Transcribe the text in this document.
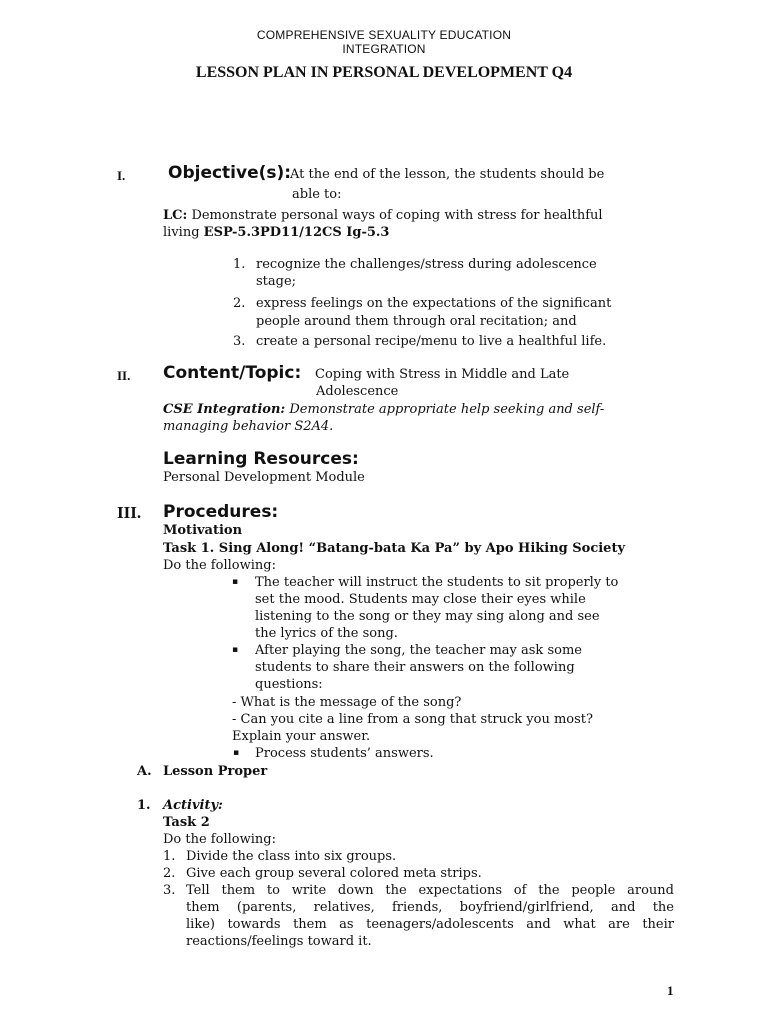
COMPREHENSIVE SEXUALITY EDUCATION
INTEGRATION
LESSON PLAN IN PERSONAL DEVELOPMENT Q4
I.	Objective(s):
At the end of the lesson, the students should be
able to:
LC: Demonstrate personal ways of coping with stress for healthful
living ESP-5.3PD11/12CS Ig-5.3
1. recognize the challenges/stress during adolescence
stage;
2. express feelings on the expectations of the significant
people around them through oral recitation; and
3. create a personal recipe/menu to live a healthful life.
II. Content/Topic: Coping with Stress in Middle and Late
Adolescence
CSE Integration: Demonstrate appropriate help seeking and self-
managing behavior S2A4.
Learning Resources:
Personal Development Module
III. Procedures:
Motivation
Task 1. Sing Along! “Batang-bata Ka Pa” by Apo Hiking Society
Do the following:
▪ The teacher will instruct the students to sit properly to
set the mood. Students may close their eyes while
listening to the song or they may sing along and see
the lyrics of the song.
▪ After playing the song, the teacher may ask some
students to share their answers on the following
questions:
- What is the message of the song?
- Can you cite a line from a song that struck you most?
Explain your answer.
▪ Process students’ answers.
A. Lesson Proper
1. Activity:
Task 2
Do the following:
1. Divide the class into six groups.
2. Give each group several colored meta strips.
3. Tell them to write down the expectations of the people around
them (parents, relatives, friends, boyfriend/girlfriend, and the
like) towards them as teenagers/adolescents and what are their
reactions/feelings toward it.
1
